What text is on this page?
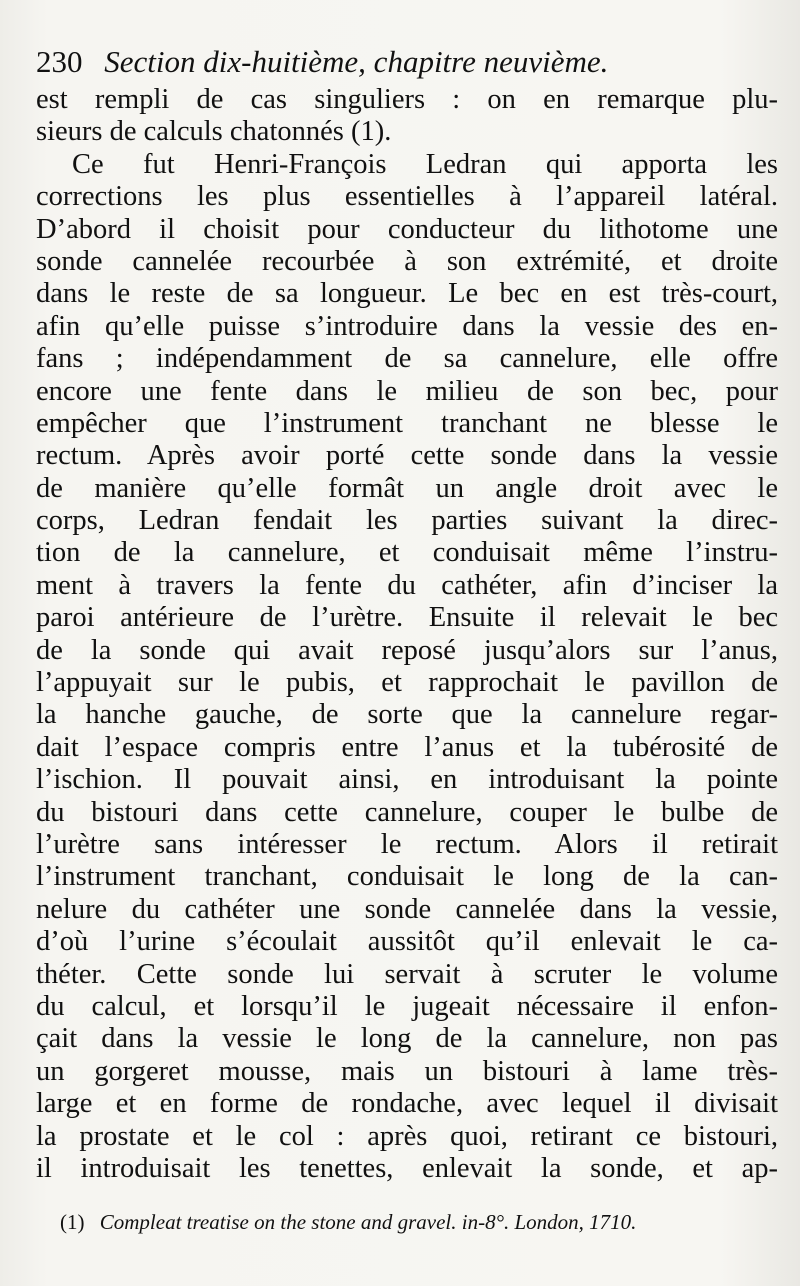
230 Section dix-huitième, chapitre neuvième.
est rempli de cas singuliers : on en remarque plu-
sieurs de calculs chatonnés (1).
Ce fut Henri-François Ledran qui apporta les
corrections les plus essentielles à l’appareil latéral.
D’abord il choisit pour conducteur du lithotome une
sonde cannelée recourbée à son extrémité, et droite
dans le reste de sa longueur. Le bec en est très-court,
afin qu’elle puisse s’introduire dans la vessie des en-
fans ; indépendamment de sa cannelure, elle offre
encore une fente dans le milieu de son bec, pour
empêcher que l’instrument tranchant ne blesse le
rectum. Après avoir porté cette sonde dans la vessie
de manière qu’elle formât un angle droit avec le
corps, Ledran fendait les parties suivant la direc-
tion de la cannelure, et conduisait même l’instru-
ment à travers la fente du cathéter, afin d’inciser la
paroi antérieure de l’urètre. Ensuite il relevait le bec
de la sonde qui avait reposé jusqu’alors sur l’anus,
l’appuyait sur le pubis, et rapprochait le pavillon de
la hanche gauche, de sorte que la cannelure regar-
dait l’espace compris entre l’anus et la tubérosité de
l’ischion. Il pouvait ainsi, en introduisant la pointe
du bistouri dans cette cannelure, couper le bulbe de
l’urètre sans intéresser le rectum. Alors il retirait
l’instrument tranchant, conduisait le long de la can-
nelure du cathéter une sonde cannelée dans la vessie,
d’où l’urine s’écoulait aussitôt qu’il enlevait le ca-
théter. Cette sonde lui servait à scruter le volume
du calcul, et lorsqu’il le jugeait nécessaire il enfon-
çait dans la vessie le long de la cannelure, non pas
un gorgeret mousse, mais un bistouri à lame très-
large et en forme de rondache, avec lequel il divisait
la prostate et le col : après quoi, retirant ce bistouri,
il introduisait les tenettes, enlevait la sonde, et ap-
(1) Compleat treatise on the stone and gravel. in-8°. London, 1710.
